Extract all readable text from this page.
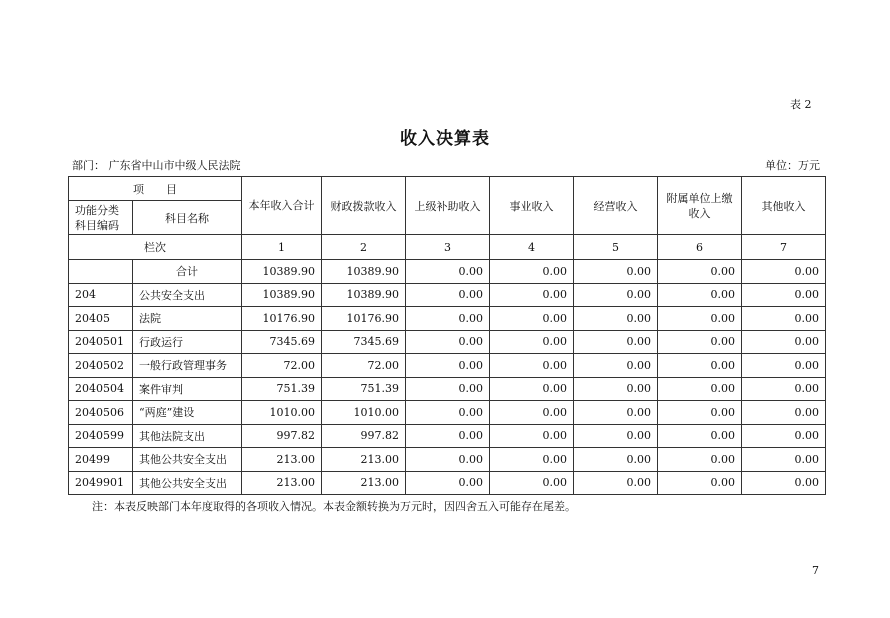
表 2
收入决算表
部门： 广东省中山市中级人民法院	单位：万元
项　　目		本年收入合计	财政拨款收入	上级补助收入	事业收入	经营收入	附属单位上缴收入	其他收入
功能分类
科目编码	科目名称							
栏次		1	2	3	4	5	6	7
	合计	10389.90	10389.90	0.00	0.00	0.00	0.00	0.00
204	公共安全支出	10389.90	10389.90	0.00	0.00	0.00	0.00	0.00
20405	法院	10176.90	10176.90	0.00	0.00	0.00	0.00	0.00
2040501	行政运行	7345.69	7345.69	0.00	0.00	0.00	0.00	0.00
2040502	一般行政管理事务	72.00	72.00	0.00	0.00	0.00	0.00	0.00
2040504	案件审判	751.39	751.39	0.00	0.00	0.00	0.00	0.00
2040506	“两庭”建设	1010.00	1010.00	0.00	0.00	0.00	0.00	0.00
2040599	其他法院支出	997.82	997.82	0.00	0.00	0.00	0.00	0.00
20499	其他公共安全支出	213.00	213.00	0.00	0.00	0.00	0.00	0.00
2049901	其他公共安全支出	213.00	213.00	0.00	0.00	0.00	0.00	0.00
注：本表反映部门本年度取得的各项收入情况。本表金额转换为万元时，因四舍五入可能存在尾差。
7
